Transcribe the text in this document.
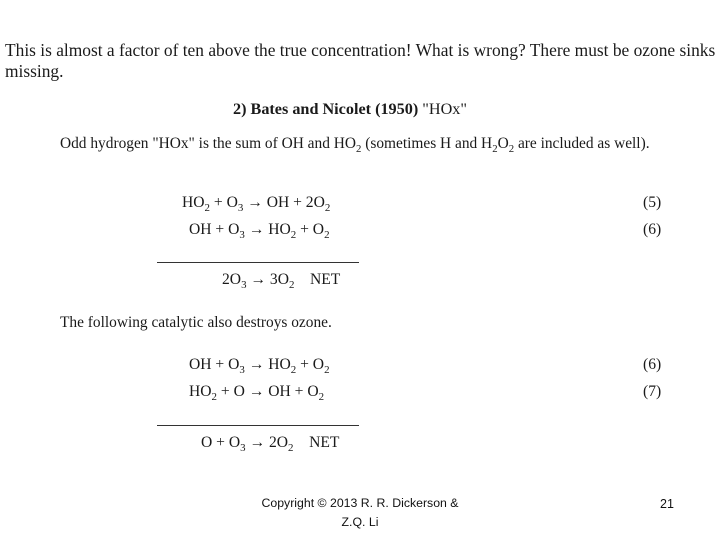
This is almost a factor of ten above the true concentration! What is wrong? There must be ozone sinks missing.
2) Bates and Nicolet (1950) "HOx"
Odd hydrogen "HOx" is the sum of OH and $HO_2$ (sometimes H and $H_2O_2$ are included as well).
$HO_2 + O_3$ → OH + $2O_2$	(5)
OH + $O_3 \to HO_2 + O_2$	(6)
$2O_3 \to 3O_2$    NET
The following catalytic also destroys ozone.
OH + $O_3 \to HO_2 + O_2$	(6)
$HO_2 + O$ → OH + $O_2$	(7)
$O + O_3 \to 2O_2$    NET
Copyright © 2013 R. R. Dickerson & Z.Q. Li
21
